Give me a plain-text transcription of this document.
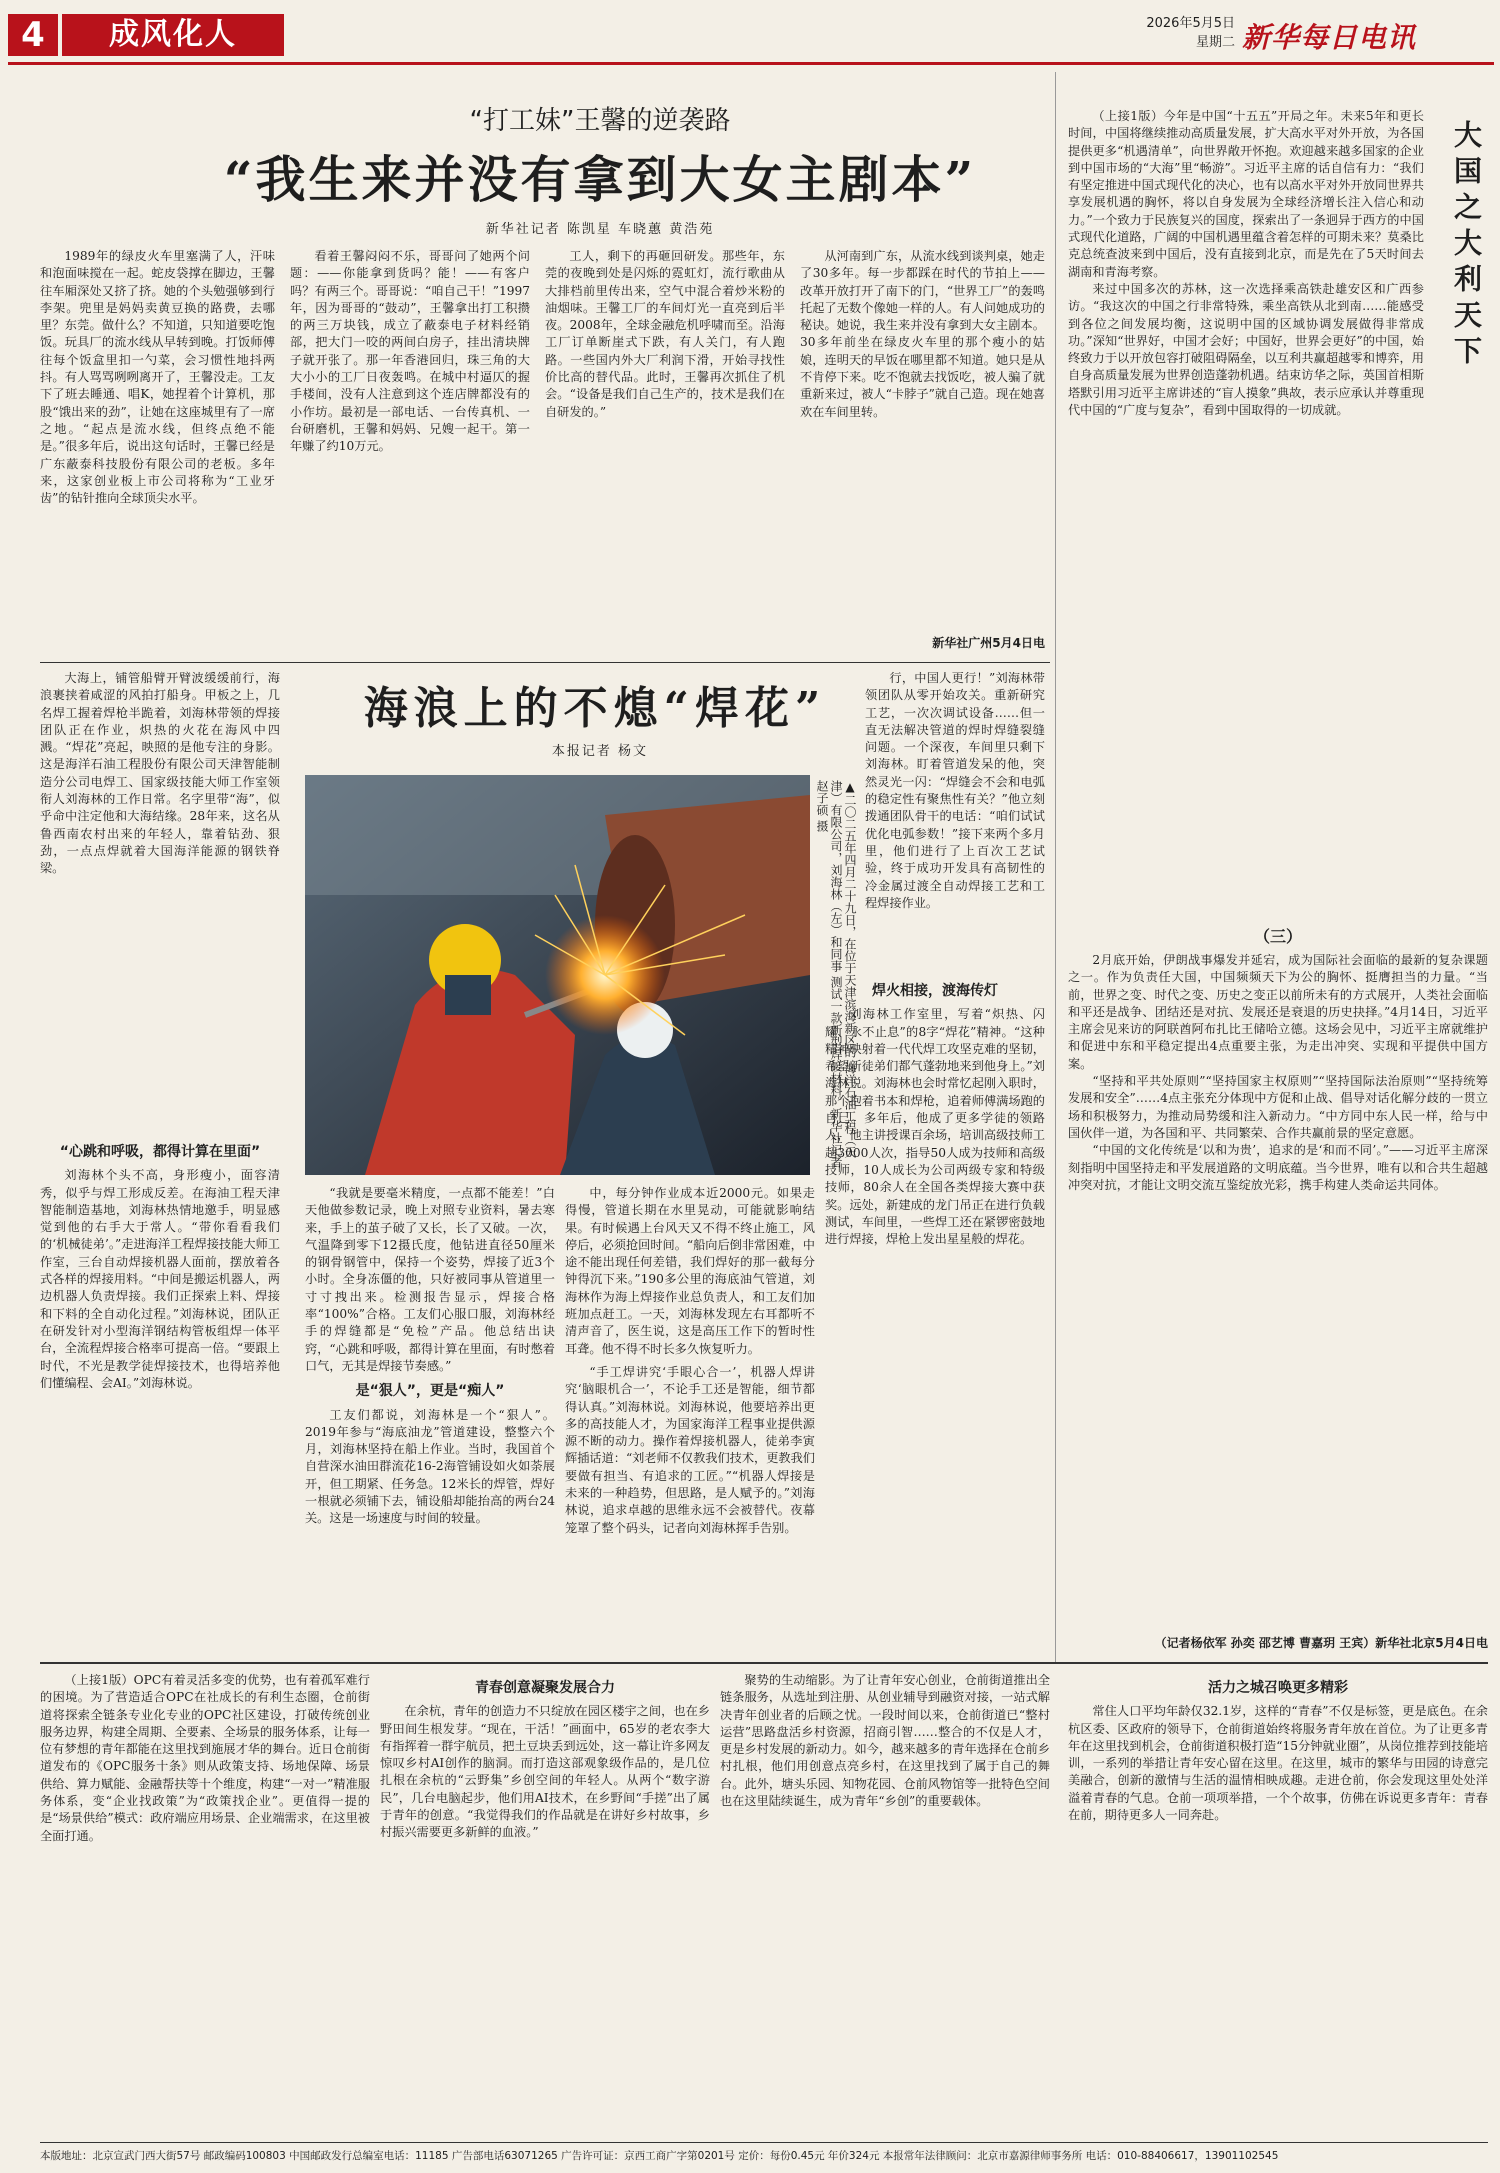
4	成风化人	2026年5月5日
星期二 新华每日电讯
“打工妹”王馨的逆袭路
“我生来并没有拿到大女主剧本”
新华社记者 陈凯星 车晓蕙 黄浩苑

1989年的绿皮火车里塞满了人，汗味和泡面味搅在一起。蛇皮袋撑在脚边，王馨往车厢深处又挤了挤。她的个头勉强够到行李架。兜里是妈妈卖黄豆换的路费，去哪里？东莞。做什么？不知道，只知道要吃饱饭。玩具厂的流水线从早转到晚。打饭师傅往每个饭盒里扣一勺菜，会习惯性地抖两抖。有人骂骂咧咧离开了，王馨没走。工友下了班去睡通、唱K，她捏着个计算机，那股“饿出来的劲”，让她在这座城里有了一席之地。“起点是流水线，但终点绝不能是。”很多年后，说出这句话时，王馨已经是广东蔽泰科技股份有限公司的老板。多年来，这家创业板上市公司将称为“工业牙齿”的钻针推向全球顶尖水平。

看着王馨闷闷不乐，哥哥问了她两个问题：——你能拿到货吗？能！——有客户吗？有两三个。哥哥说：“咱自己干！”1997年，因为哥哥的“鼓动”，王馨拿出打工积攒的两三万块钱，成立了蔽泰电子材料经销部，把大门一咬的两间白房子，挂出清块牌子就开张了。那一年香港回归，珠三角的大大小小的工厂日夜轰鸣。在城中村逼仄的握手楼间，没有人注意到这个连店牌都没有的小作坊。最初是一部电话、一台传真机、一台研磨机，王馨和妈妈、兄嫂一起干。第一年赚了约10万元。

工人，剩下的再砸回研发。那些年，东莞的夜晚到处是闪烁的霓虹灯，流行歌曲从大排档前里传出来，空气中混合着炒米粉的油烟味。王馨工厂的车间灯光一直亮到后半夜。2008年，全球金融危机呼啸而至。沿海工厂订单断崖式下跌，有人关门，有人跑路。一些国内外大厂利润下滑，开始寻找性价比高的替代品。此时，王馨再次抓住了机会。“设备是我们自己生产的，技术是我们在自研发的。”

从河南到广东，从流水线到谈判桌，她走了30多年。每一步都踩在时代的节拍上——改革开放打开了南下的门，“世界工厂”的轰鸣托起了无数个像她一样的人。有人问她成功的秘诀。她说，我生来并没有拿到大女主剧本。30多年前坐在绿皮火车里的那个瘦小的姑娘，连明天的早饭在哪里都不知道。她只是从不肯停下来。吃不饱就去找饭吃，被人骗了就重新来过，被人“卡脖子”就自己造。现在她喜欢在车间里转。

新华社广州5月4日电

大海上，铺管船臂开臂波缓缓前行，海浪裹挟着咸涩的风拍打船身。甲板之上，几名焊工握着焊枪半跪着，刘海林带领的焊接团队正在作业，炽热的火花在海风中四溅。“焊花”亮起，映照的是他专注的身影。这是海洋石油工程股份有限公司天津智能制造分公司电焊工、国家级技能大师工作室领衔人刘海林的工作日常。名字里带“海”，似乎命中注定他和大海结缘。28年来，这名从鲁西南农村出来的年轻人，靠着钻劲、狠劲，一点点焊就着大国海洋能源的钢铁脊梁。

海浪上的不熄“焊花”
本报记者 杨文
▲二〇二五年四月二十九日，在位于天津滨海新区的 海洋石油工程（天津）有限公司，刘海林（左）和同事 测试一款新型焊接材料。新华社记者 赵子硕 摄

行，中国人更行！”刘海林带领团队从零开始攻关。重新研究工艺，一次次调试设备……但一直无法解决管道的焊时焊缝裂缝问题。一个深夜，车间里只剩下刘海林。盯着管道发呆的他，突然灵光一闪：“焊缝会不会和电弧的稳定性有聚焦性有关？”他立刻拨通团队骨干的电话：“咱们试试优化电弧参数！”接下来两个多月里，他们进行了上百次工艺试验，终于成功开发具有高韧性的冷金属过渡全自动焊接工艺和工程焊接作业。

“心跳和呼吸，都得计算在里面”

刘海林个头不高，身形瘦小，面容清秀，似乎与焊工形成反差。在海油工程天津智能制造基地，刘海林热情地邀手，明显感觉到他的右手大于常人。“带你看看我们的‘机械徒弟’。”走进海洋工程焊接技能大师工作室，三台自动焊接机器人面前，摆放着各式各样的焊接用料。“中间是搬运机器人，两边机器人负责焊接。我们正探索上料、焊接和下料的全自动化过程。”刘海林说，团队正在研发针对小型海洋钢结构管板组焊一体平台，全流程焊接合格率可提高一倍。“要跟上时代，不光是教学徒焊接技术，也得培养他们懂编程、会AI。”刘海林说。

“我就是要毫米精度，一点都不能差！”白天他做参数记录，晚上对照专业资料，暑去寒来，手上的茧子破了又长，长了又破。一次，气温降到零下12摄氏度，他钻进直径50厘米的钢骨钢管中，保持一个姿势，焊接了近3个小时。全身冻僵的他，只好被同事从管道里一寸寸拽出来。检测报告显示，焊接合格率“100%”合格。工友们心服口服，刘海林经手的焊缝都是“免检”产品。他总结出诀窍，“心跳和呼吸，都得计算在里面，有时憋着口气，无其是焊接节奏感。”

是“狠人”，更是“痴人”

工友们都说，刘海林是一个“狠人”。2019年参与“海底油龙”管道建设，整整六个月，刘海林坚持在船上作业。当时，我国首个自营深水油田群流花16-2海管铺设如火如荼展开，但工期紧、任务急。12米长的焊管，焊好一根就必须铺下去，铺设船却能抬高的两台24关。这是一场速度与时间的较量。

中，每分钟作业成本近2000元。如果走得慢，管道长期在水里晃动，可能就影响结果。有时候遇上台风天又不得不终止施工，风停后，必须抢回时间。“船向后倒非常困难，中途不能出现任何差错，我们焊好的那一截每分钟得沉下来。”190多公里的海底油气管道，刘海林作为海上焊接作业总负责人，和工友们加班加点赶工。一天，刘海林发现左右耳都听不清声音了，医生说，这是高压工作下的暂时性耳聋。他不得不时长多久恢复听力。

“手工焊讲究‘手眼心合一’，机器人焊讲究‘脑眼机合一’，不论手工还是智能，细节都得认真。”刘海林说。刘海林说，他要培养出更多的高技能人才，为国家海洋工程事业提供源源不断的动力。操作着焊接机器人，徒弟李寅辉插话道：“刘老师不仅教我们技术，更教我们要做有担当、有追求的工匠。”“机器人焊接是未来的一种趋势，但思路，是人赋予的。”刘海林说，追求卓越的思维永远不会被替代。夜幕笼罩了整个码头，记者向刘海林挥手告别。

焊火相接，渡海传灯

刘海林工作室里，写着“炽热、闪耀、永不止息”的8字“焊花”精神。“这种精神映射着一代代焊工攻坚克难的坚韧，希望新徒弟们都气蓬勃地来到他身上。”刘海林说。刘海林也会时常忆起刚入职时，那个抱着书本和焊枪，追着师傅满场跑的自己。多年后，他成了更多学徒的领路人，他主讲授课百余场，培训高级技师工超3000人次，指导50人成为技师和高级技师，10人成长为公司两级专家和特级技师，80余人在全国各类焊接大赛中获奖。远处，新建成的龙门吊正在进行负载测试，车间里，一些焊工还在紧锣密鼓地进行焊接，焊枪上发出星星般的焊花。

大国之大利天下

（上接1版）今年是中国“十五五”开局之年。未来5年和更长时间，中国将继续推动高质量发展，扩大高水平对外开放，为各国提供更多“机遇清单”，向世界敞开怀抱。欢迎越来越多国家的企业到中国市场的“大海”里“畅游”。习近平主席的话自信有力：“我们有坚定推进中国式现代化的决心，也有以高水平对外开放同世界共享发展机遇的胸怀，将以自身发展为全球经济增长注入信心和动力。”一个致力于民族复兴的国度，探索出了一条迥异于西方的中国式现代化道路，广阔的中国机遇里蕴含着怎样的可期未来？莫桑比克总统查波来到中国后，没有直接到北京，而是先在了5天时间去湖南和青海考察。

来过中国多次的苏林，这一次选择乘高铁赴雄安区和广西参访。“我这次的中国之行非常特殊，乘坐高铁从北到南……能感受到各位之间发展均衡，这说明中国的区域协调发展做得非常成功。”深知“世界好，中国才会好；中国好，世界会更好”的中国，始终致力于以开放包容打破阻碍隔垒，以互利共赢超越零和博弈，用自身高质量发展为世界创造蓬勃机遇。结束访华之际，英国首相斯塔默引用习近平主席讲述的“盲人摸象”典故，表示应承认并尊重现代中国的“广度与复杂”，看到中国取得的一切成就。

（三）

2月底开始，伊朗战事爆发并延宕，成为国际社会面临的最新的复杂课题之一。作为负责任大国，中国频频天下为公的胸怀、挺膺担当的力量。“当前，世界之变、时代之变、历史之变正以前所未有的方式展开，人类社会面临和平还是战争、团结还是对抗、发展还是衰退的历史抉择。”4月14日，习近平主席会见来访的阿联酋阿布扎比王储哈立德。这场会见中，习近平主席就维护和促进中东和平稳定提出4点重要主张，为走出冲突、实现和平提供中国方案。

“坚持和平共处原则”“坚持国家主权原则”“坚持国际法治原则”“坚持统筹发展和安全”……4点主张充分体现中方促和止战、倡导对话化解分歧的一贯立场和积极努力，为推动局势缓和注入新动力。“中方同中东人民一样，给与中国伙伴一道，为各国和平、共同繁荣、合作共赢前景的坚定意愿。

“中国的文化传统是‘以和为贵’，追求的是‘和而不同’。”——习近平主席深刻指明中国坚持走和平发展道路的文明底蕴。当今世界，唯有以和合共生超越冲突对抗，才能让文明交流互鉴绽放光彩，携手构建人类命运共同体。

（记者杨依军 孙奕 邵艺博 曹嘉玥 王宾）新华社北京5月4日电

（上接1版）OPC有着灵活多变的优势，也有着孤军难行的困境。为了营造适合OPC在社成长的有利生态圈，仓前街道将探索全链条专业化专业的OPC社区建设，打破传统创业服务边界，构建全周期、全要素、全场景的服务体系，让每一位有梦想的青年都能在这里找到施展才华的舞台。近日仓前街道发布的《OPC服务十条》则从政策支持、场地保障、场景供给、算力赋能、金融帮扶等十个维度，构建“一对一”精准服务体系，变“企业找政策”为“政策找企业”。更值得一提的是“场景供给”模式：政府端应用场景、企业端需求，在这里被全面打通。

青春创意凝聚发展合力

在余杭，青年的创造力不只绽放在园区楼宇之间，也在乡野田间生根发芽。“现在，干活！”画面中，65岁的老农李大有指挥着一群宇航员，把土豆块丢到远处，这一幕让许多网友惊叹乡村AI创作的脑洞。而打造这部观象级作品的，是几位扎根在余杭的“云野集”乡创空间的年轻人。从两个“数字游民”，几台电脑起步，他们用AI技术，在乡野间“手搓”出了属于青年的创意。“我觉得我们的作品就是在讲好乡村故事，乡村振兴需要更多新鲜的血液。”

聚势的生动缩影。为了让青年安心创业，仓前街道推出全链条服务，从选址到注册、从创业辅导到融资对接，一站式解决青年创业者的后顾之忧。一段时间以来，仓前街道已“整村运营”思路盘活乡村资源，招商引智……整合的不仅是人才，更是乡村发展的新动力。如今，越来越多的青年选择在仓前乡村扎根，他们用创意点亮乡村，在这里找到了属于自己的舞台。此外，塘头乐园、知物花园、仓前风物馆等一批特色空间也在这里陆续诞生，成为青年“乡创”的重要载体。

活力之城召唤更多精彩

常住人口平均年龄仅32.1岁，这样的“青春”不仅是标签，更是底色。在余杭区委、区政府的领导下，仓前街道始终将服务青年放在首位。为了让更多青年在这里找到机会，仓前街道积极打造“15分钟就业圈”，从岗位推荐到技能培训，一系列的举措让青年安心留在这里。在这里，城市的繁华与田园的诗意完美融合，创新的激情与生活的温情相映成趣。走进仓前，你会发现这里处处洋溢着青春的气息。仓前一项项举措，一个个故事，仿佛在诉说更多青年：青春在前，期待更多人一同奔赴。

本版地址：北京宣武门西大街57号 邮政编码100803 中国邮政发行总编室电话：11185 广告部电话63071265 广告许可证：京西工商广字第0201号 定价：每份0.45元 年价324元 本报常年法律顾问：北京市嘉源律师事务所 电话：010-88406617，13901102545
